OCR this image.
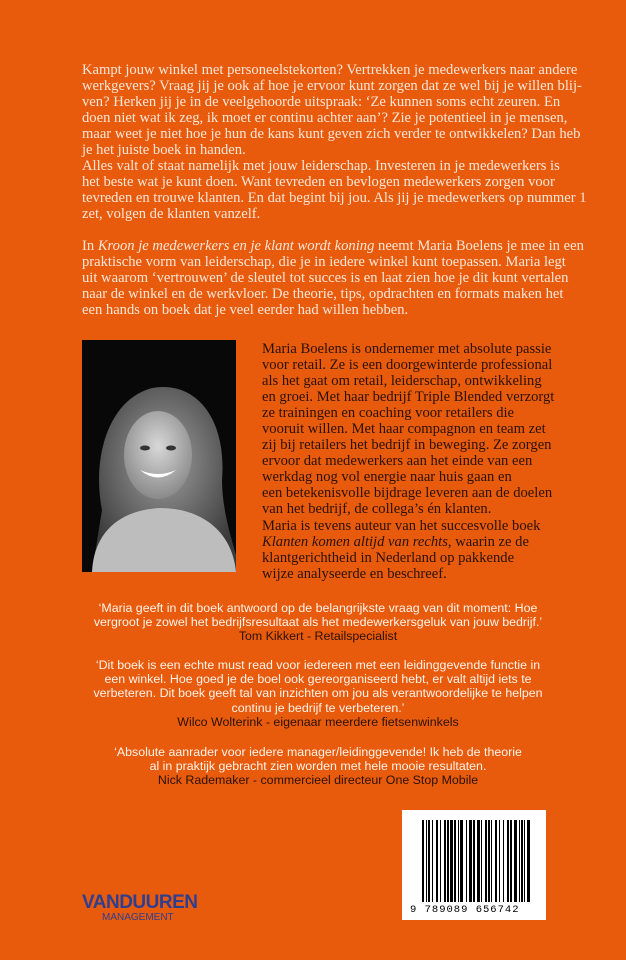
Kampt jouw winkel met personeelstekorten? Vertrekken je medewerkers naar andere
werkgevers? Vraag jij je ook af hoe je ervoor kunt zorgen dat ze wel bij je willen blij-
ven? Herken jij je in de veelgehoorde uitspraak: ‘Ze kunnen soms echt zeuren. En
doen niet wat ik zeg, ik moet er continu achter aan’? Zie je potentieel in je mensen,
maar weet je niet hoe je hun de kans kunt geven zich verder te ontwikkelen? Dan heb
je het juiste boek in handen.
Alles valt of staat namelijk met jouw leiderschap. Investeren in je medewerkers is
het beste wat je kunt doen. Want tevreden en bevlogen medewerkers zorgen voor
tevreden en trouwe klanten. En dat begint bij jou. Als jij je medewerkers op nummer 1
zet, volgen de klanten vanzelf.
In Kroon je medewerkers en je klant wordt koning neemt Maria Boelens je mee in een
praktische vorm van leiderschap, die je in iedere winkel kunt toepassen. Maria legt
uit waarom ‘vertrouwen’ de sleutel tot succes is en laat zien hoe je dit kunt vertalen
naar de winkel en de werkvloer. De theorie, tips, opdrachten en formats maken het
een hands on boek dat je veel eerder had willen hebben.
Maria Boelens is ondernemer met absolute passie
voor retail. Ze is een doorgewinterde professional
als het gaat om retail, leiderschap, ontwikkeling
en groei. Met haar bedrijf Triple Blended verzorgt
ze trainingen en coaching voor retailers die
vooruit willen. Met haar compagnon en team zet
zij bij retailers het bedrijf in beweging. Ze zorgen
ervoor dat medewerkers aan het einde van een
werkdag nog vol energie naar huis gaan en
een betekenisvolle bijdrage leveren aan de doelen
van het bedrijf, de collega’s én klanten.
Maria is tevens auteur van het succesvolle boek
Klanten komen altijd van rechts, waarin ze de
klantgerichtheid in Nederland op pakkende
wijze analyseerde en beschreef.
‘Maria geeft in dit boek antwoord op de belangrijkste vraag van dit moment: Hoe
vergroot je zowel het bedrijfsresultaat als het medewerkersgeluk van jouw bedrijf.’
Tom Kikkert - Retailspecialist
‘Dit boek is een echte must read voor iedereen met een leidinggevende functie in
een winkel. Hoe goed je de boel ook gereorganiseerd hebt, er valt altijd iets te
verbeteren. Dit boek geeft tal van inzichten om jou als verantwoordelijke te helpen
continu je bedrijf te verbeteren.’
Wilco Wolterink - eigenaar meerdere fietsenwinkels
‘Absolute aanrader voor iedere manager/leidinggevende! Ik heb de theorie
al in praktijk gebracht zien worden met hele mooie resultaten.
Nick Rademaker - commercieel directeur One Stop Mobile
9 789089 656742
VANDUUREN
MANAGEMENT
